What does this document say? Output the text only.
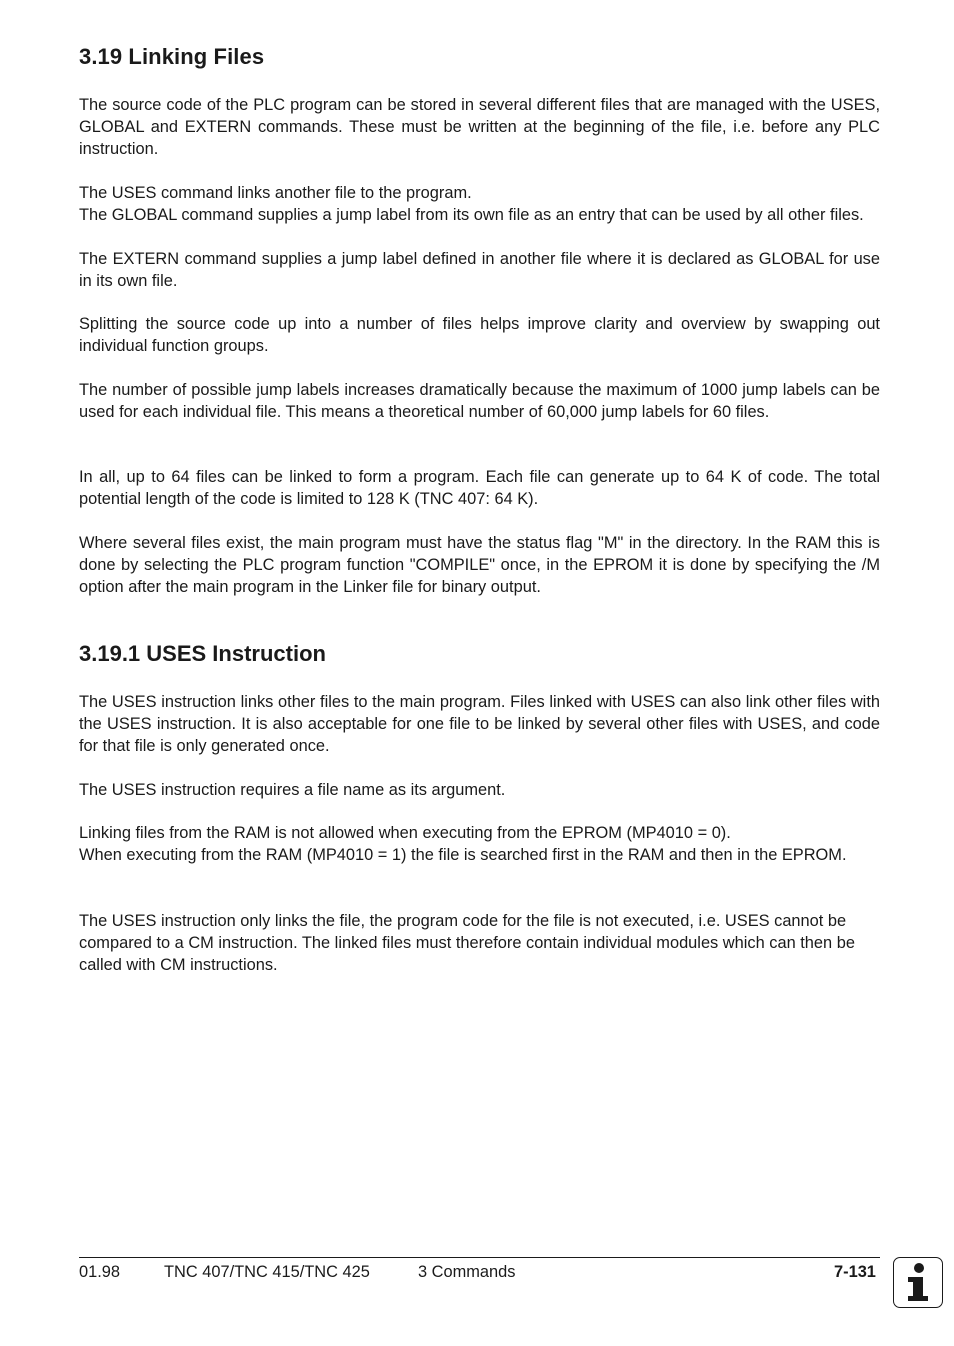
3.19 Linking Files

The source code of the PLC program can be stored in several different files that are managed with the USES, GLOBAL and EXTERN commands. These must be written at the beginning of the file, i.e. before any PLC instruction.

The USES command links another file to the program.

The GLOBAL command supplies a jump label from its own file as an entry that can be used by all other files.

The EXTERN command supplies a jump label defined in another file where it is declared as GLOBAL for use in its own file.

Splitting the source code up into a number of files helps improve clarity and overview by swapping out individual function groups.

The number of possible jump labels increases dramatically because the maximum of 1000 jump labels can be used for each individual file. This means a theoretical number of 60,000 jump labels for 60 files.

In all, up to 64 files can be linked to form a program. Each file can generate up to 64 K of code. The total potential length of the code is limited to 128 K (TNC 407: 64 K).

Where several files exist, the main program must have the status flag "M" in the directory. In the RAM this is done by selecting the PLC program function "COMPILE" once, in the EPROM it is done by specifying the /M option after the main program in the Linker file for binary output.

3.19.1 USES Instruction

The USES instruction links other files to the main program. Files linked with USES can also link other files with the USES instruction. It is also acceptable for one file to be linked by several other files with USES, and code for that file is only generated once.

The USES instruction requires a file name as its argument.

Linking files from the RAM is not allowed when executing from the EPROM (MP4010 = 0).

When executing from the RAM (MP4010 = 1) the file is searched first in the RAM and then in the EPROM.

The USES instruction only links the file, the program code for the file is not executed, i.e. USES cannot be compared to a CM instruction. The linked files must therefore contain individual modules which can then be called with CM instructions.

01.98	TNC 407/TNC 415/TNC 425	3 Commands	7-131
